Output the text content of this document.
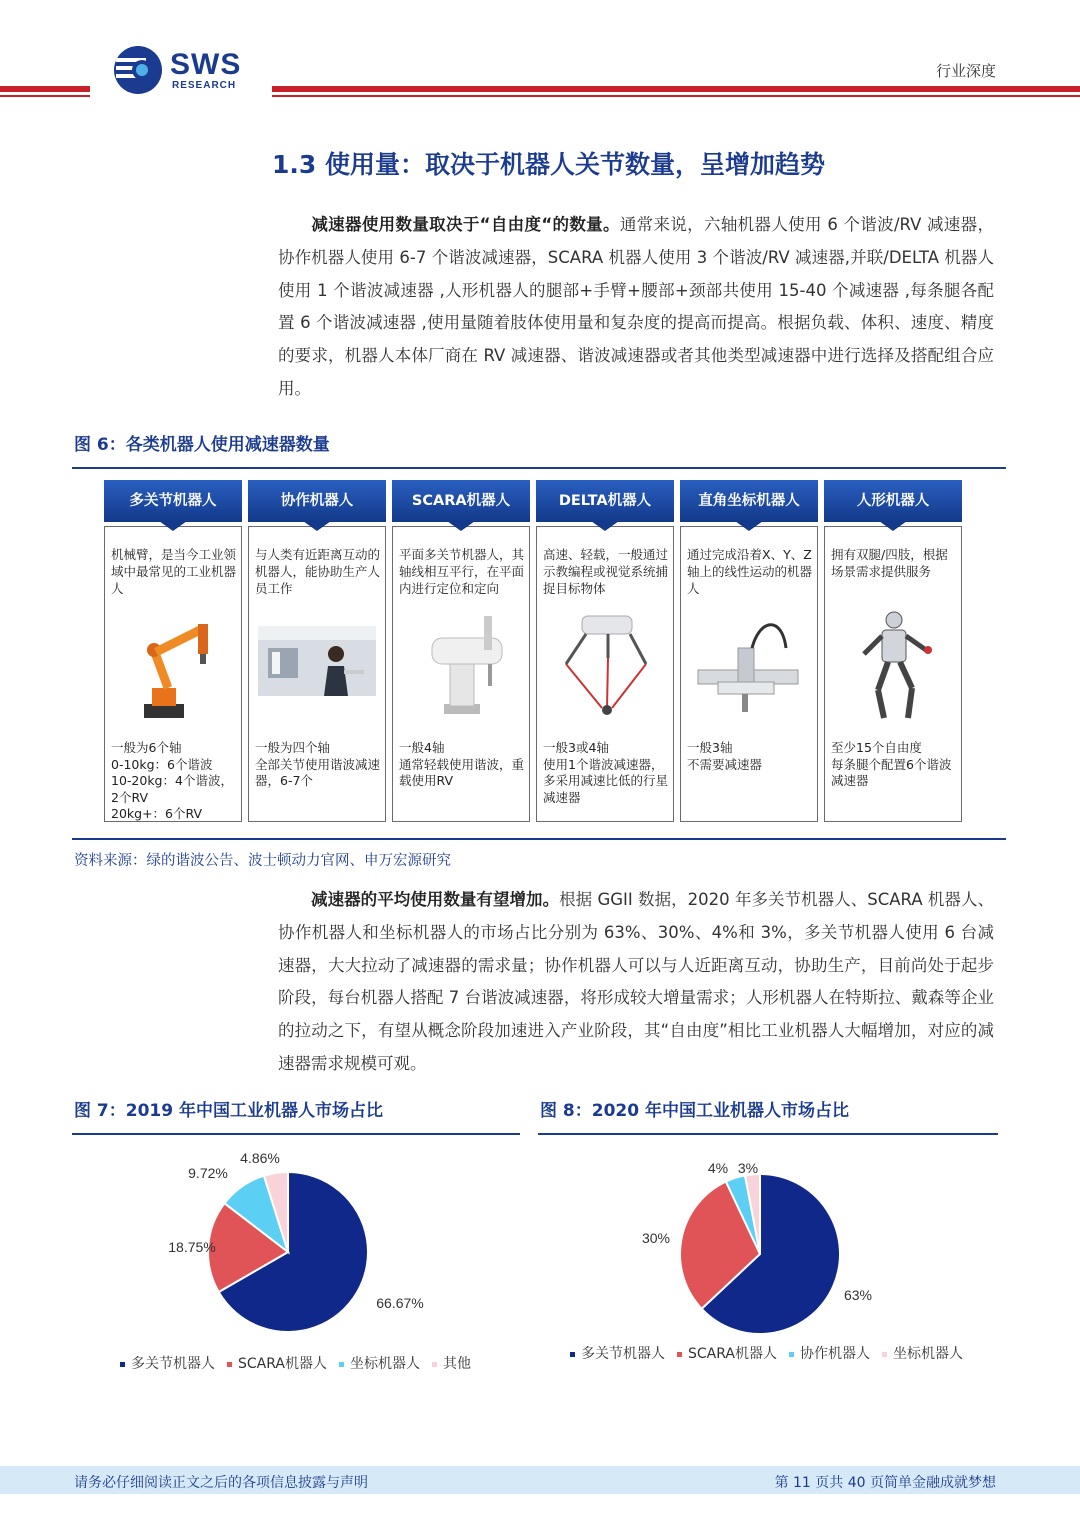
SWS
RESEARCH
行业深度
1.3 使用量：取决于机器人关节数量，呈增加趋势
减速器使用数量取决于“自由度“的数量。通常来说，六轴机器人使用 6 个谐波/RV 减速器，协作机器人使用 6-7 个谐波减速器，SCARA 机器人使用 3 个谐波/RV 减速器,并联/DELTA 机器人使用 1 个谐波减速器 ,人形机器人的腿部+手臂+腰部+颈部共使用 15-40 个减速器 ,每条腿各配置 6 个谐波减速器 ,使用量随着肢体使用量和复杂度的提高而提高。根据负载、体积、速度、精度的要求，机器人本体厂商在 RV 减速器、谐波减速器或者其他类型减速器中进行选择及搭配组合应用。
图 6：各类机器人使用减速器数量
多关节机器人
机械臂，是当今工业领域中最常见的工业机器人
一般为6个轴
0-10kg：6个谐波
10-20kg：4个谐波，2个RV
20kg+：6个RV
协作机器人
与人类有近距离互动的机器人，能协助生产人员工作
一般为四个轴
全部关节使用谐波减速器，6-7个
SCARA机器人
平面多关节机器人，其轴线相互平行，在平面内进行定位和定向
一般4轴
通常轻载使用谐波，重载使用RV
DELTA机器人
高速、轻载，一般通过示教编程或视觉系统捕捉目标物体
一般3或4轴
使用1个谐波减速器，多采用减速比低的行星减速器
直角坐标机器人
通过完成沿着X、Y、Z轴上的线性运动的机器人
一般3轴
不需要减速器
人形机器人
拥有双腿/四肢，根据场景需求提供服务
至少15个自由度
每条腿个配置6个谐波减速器
资料来源：绿的谐波公告、波士顿动力官网、申万宏源研究
减速器的平均使用数量有望增加。根据 GGII 数据，2020 年多关节机器人、SCARA 机器人、协作机器人和坐标机器人的市场占比分别为 63%、30%、4%和 3%，多关节机器人使用 6 台减速器，大大拉动了减速器的需求量；协作机器人可以与人近距离互动，协助生产，目前尚处于起步阶段，每台机器人搭配 7 台谐波减速器，将形成较大增量需求；人形机器人在特斯拉、戴森等企业的拉动之下，有望从概念阶段加速进入产业阶段，其“自由度”相比工业机器人大幅增加，对应的减速器需求规模可观。
图 7：2019 年中国工业机器人市场占比	图 8：2020 年中国工业机器人市场占比
66.67%
18.75%
9.72%
4.86%
多关节机器人 SCARA机器人 坐标机器人 其他
63%
30%
4% 3%
多关节机器人 SCARA机器人 协作机器人 坐标机器人
请务必仔细阅读正文之后的各项信息披露与声明	第 11 页共 40 页简单金融成就梦想
